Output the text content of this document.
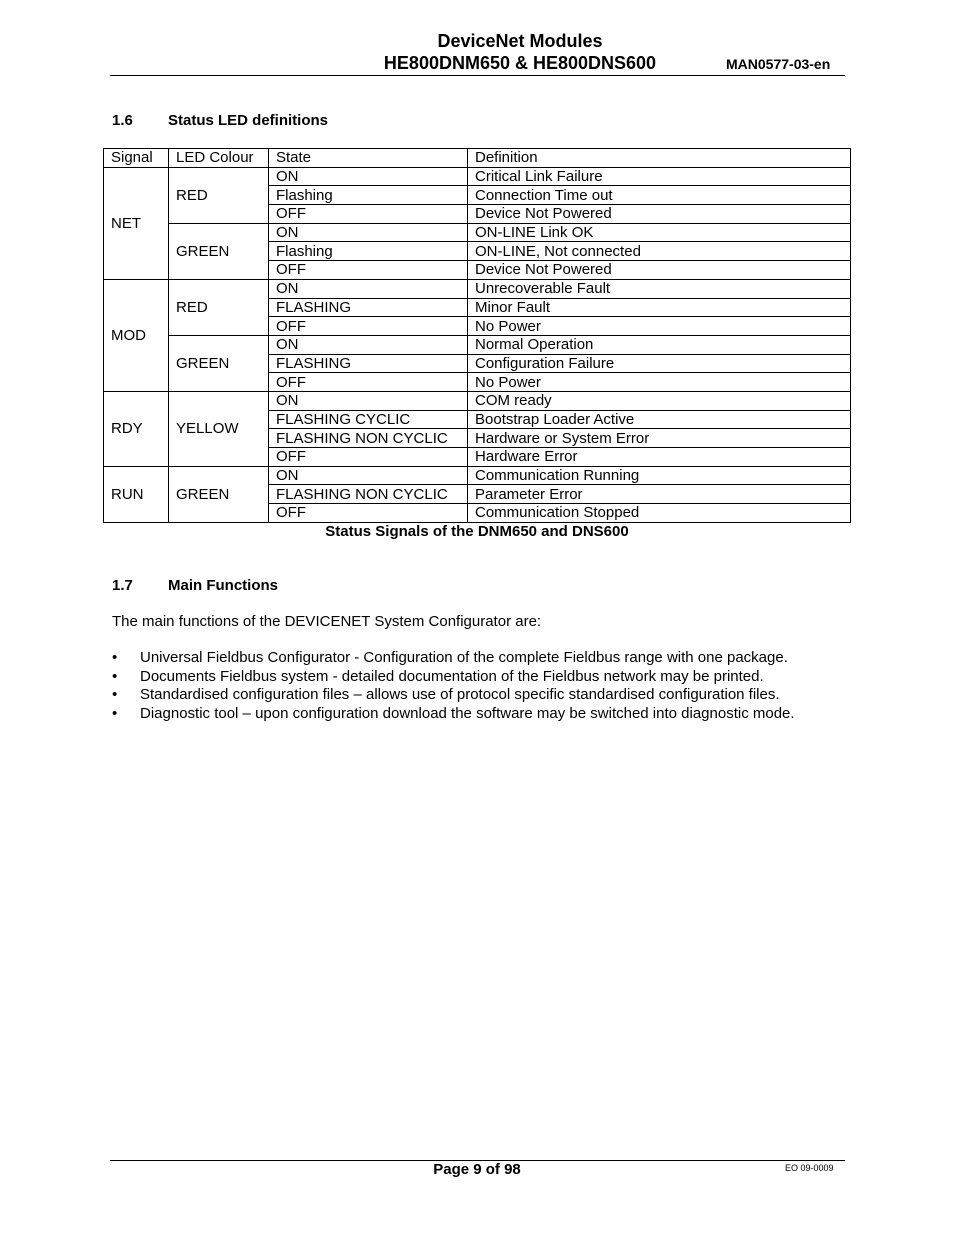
DeviceNet Modules
HE800DNM650 & HE800DNS600	MAN0577-03-en
1.6 Status LED definitions
Signal	LED Colour	State	Definition
NET	RED	ON	Critical Link Failure
		Flashing	Connection Time out
		OFF	Device Not Powered
	GREEN	ON	ON-LINE Link OK
		Flashing	ON-LINE, Not connected
		OFF	Device Not Powered
MOD	RED	ON	Unrecoverable Fault
		FLASHING	Minor Fault
		OFF	No Power
	GREEN	ON	Normal Operation
		FLASHING	Configuration Failure
		OFF	No Power
RDY	YELLOW	ON	COM ready
		FLASHING CYCLIC	Bootstrap Loader Active
		FLASHING NON CYCLIC	Hardware or System Error
		OFF	Hardware Error
RUN	GREEN	ON	Communication Running
		FLASHING NON CYCLIC	Parameter Error
		OFF	Communication Stopped
Status Signals of the DNM650 and DNS600
1.7 Main Functions
The main functions of the DEVICENET System Configurator are:
• Universal Fieldbus Configurator - Configuration of the complete Fieldbus range with one package.
• Documents Fieldbus system - detailed documentation of the Fieldbus network may be printed.
• Standardised configuration files – allows use of protocol specific standardised configuration files.
• Diagnostic tool – upon configuration download the software may be switched into diagnostic mode.
Page 9 of 98	EO 09-0009
